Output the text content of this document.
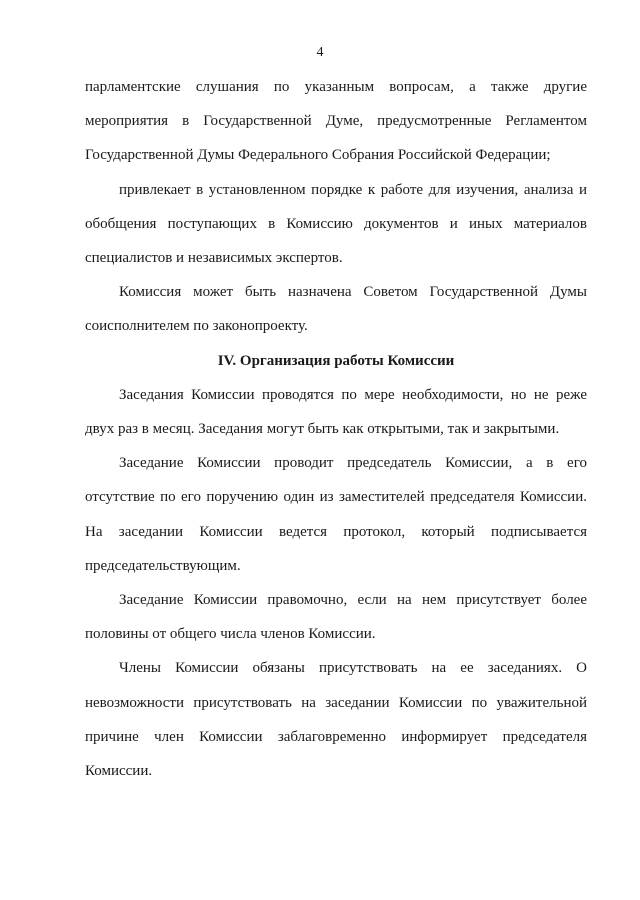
4

парламентские слушания по указанным вопросам, а также другие мероприятия в Государственной Думе, предусмотренные Регламентом Государственной Думы Федерального Собрания Российской Федерации;

привлекает в установленном порядке к работе для изучения, анализа и обобщения поступающих в Комиссию документов и иных материалов специалистов и независимых экспертов.

Комиссия может быть назначена Советом Государственной Думы соисполнителем по законопроекту.

IV. Организация работы Комиссии

Заседания Комиссии проводятся по мере необходимости, но не реже двух раз в месяц. Заседания могут быть как открытыми, так и закрытыми.

Заседание Комиссии проводит председатель Комиссии, а в его отсутствие по его поручению один из заместителей председателя Комиссии. На заседании Комиссии ведется протокол, который подписывается председательствующим.

Заседание Комиссии правомочно, если на нем присутствует более половины от общего числа членов Комиссии.

Члены Комиссии обязаны присутствовать на ее заседаниях. О невозможности присутствовать на заседании Комиссии по уважительной причине член Комиссии заблаговременно информирует председателя Комиссии.
